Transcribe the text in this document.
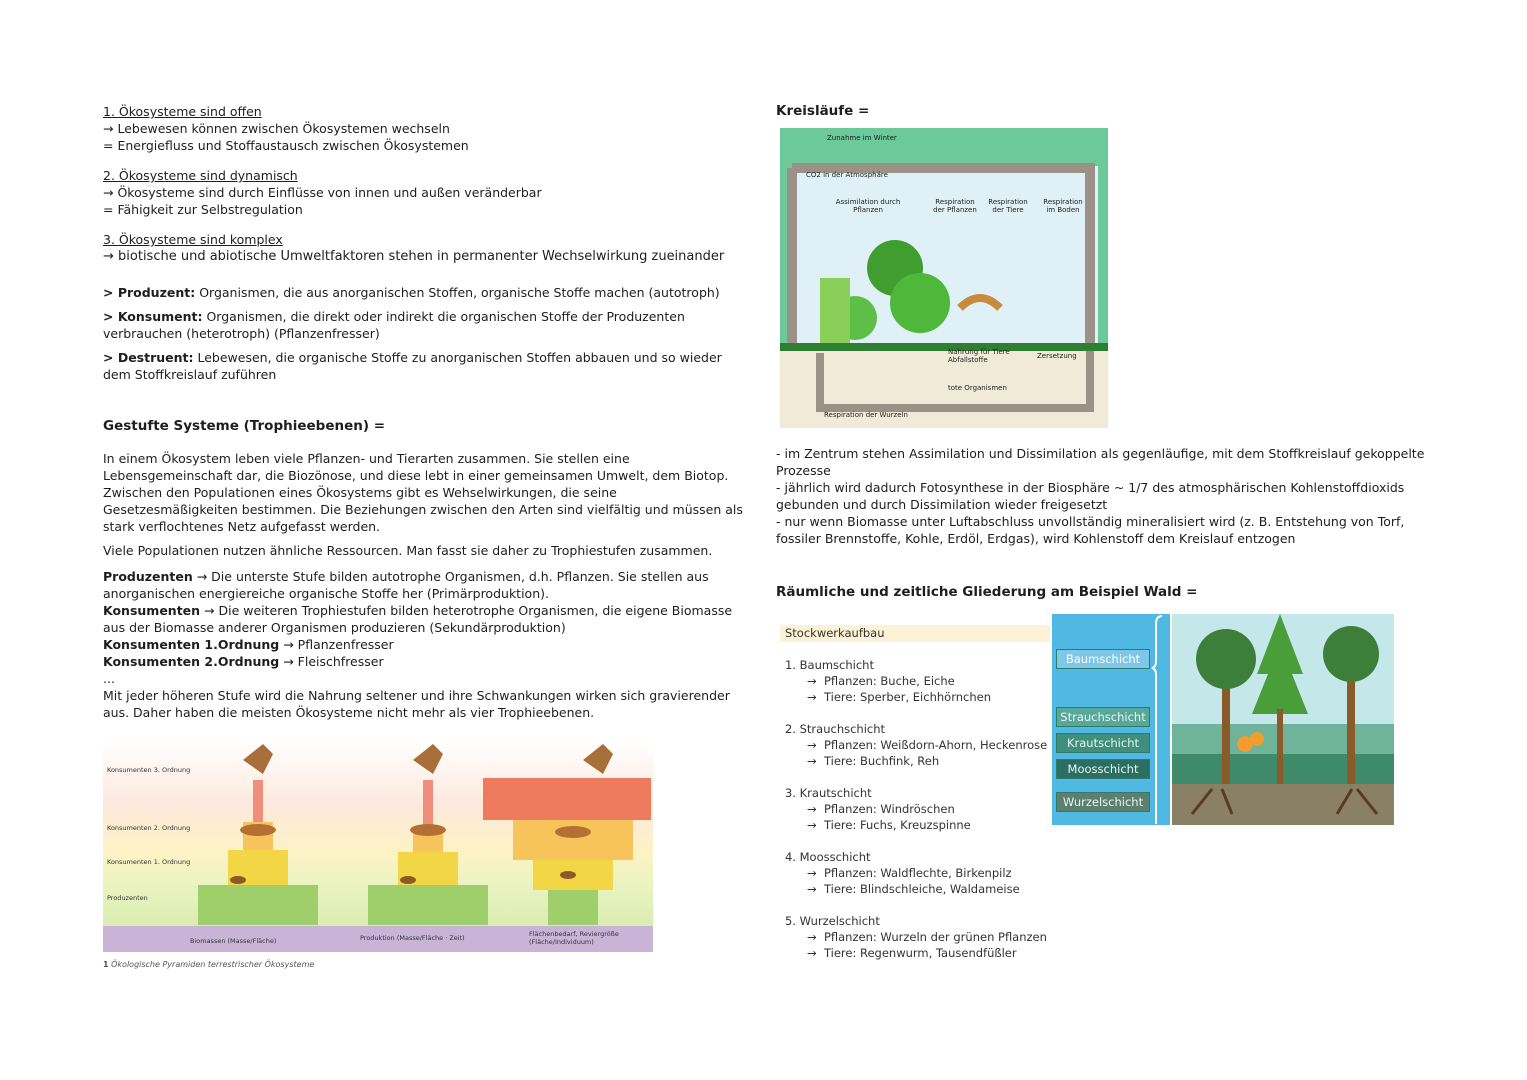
1. Ökosysteme sind offen

→ Lebewesen können zwischen Ökosystemen wechseln

= Energiefluss und Stoffaustausch zwischen Ökosystemen

2. Ökosysteme sind dynamisch

→ Ökosysteme sind durch Einflüsse von innen und außen veränderbar

= Fähigkeit zur Selbstregulation

3. Ökosysteme sind komplex

→ biotische und abiotische Umweltfaktoren stehen in permanenter Wechselwirkung zueinander

> Produzent: Organismen, die aus anorganischen Stoffen, organische Stoffe machen (autotroph)

> Konsument: Organismen, die direkt oder indirekt die organischen Stoffe der Produzenten verbrauchen (heterotroph) (Pflanzenfresser)

> Destruent: Lebewesen, die organische Stoffe zu anorganischen Stoffen abbauen und so wieder dem Stoffkreislauf zuführen

Gestufte Systeme (Trophieebenen) =

In einem Ökosystem leben viele Pflanzen- und Tierarten zusammen. Sie stellen eine Lebensgemeinschaft dar, die Biozönose, und diese lebt in einer gemeinsamen Umwelt, dem Biotop. Zwischen den Populationen eines Ökosystems gibt es Wehselwirkungen, die seine Gesetzesmäßigkeiten bestimmen. Die Beziehungen zwischen den Arten sind vielfältig und müssen als stark verflochtenes Netz aufgefasst werden.

Viele Populationen nutzen ähnliche Ressourcen. Man fasst sie daher zu Trophiestufen zusammen.

Produzenten → Die unterste Stufe bilden autotrophe Organismen, d.h. Pflanzen. Sie stellen aus anorganischen energiereiche organische Stoffe her (Primärproduktion).

Konsumenten → Die weiteren Trophiestufen bilden heterotrophe Organismen, die eigene Biomasse aus der Biomasse anderer Organismen produzieren (Sekundärproduktion)

Konsumenten 1.Ordnung → Pflanzenfresser

Konsumenten 2.Ordnung → Fleischfresser

...

Mit jeder höheren Stufe wird die Nahrung seltener und ihre Schwankungen wirken sich gravierender aus. Daher haben die meisten Ökosysteme nicht mehr als vier Trophieebenen.

Konsumenten 3. Ordnung
Konsumenten 2. Ordnung
Konsumenten 1. Ordnung
Produzenten
Biomassen (Masse/Fläche)	Produktion (Masse/Fläche · Zeit)	Flächenbedarf, Reviergröße (Fläche/Individuum)
1 Ökologische Pyramiden terrestrischer Ökosysteme

Kreisläufe =

Zunahme im Winter
CO2 in der Atmosphäre
Assimilation durch Pflanzen
Respiration der Pflanzen
Respiration der Tiere
Respiration im Boden
Nahrung für Tiere Abfallstoffe	Zersetzung
tote Organismen
Respiration der Wurzeln

- im Zentrum stehen Assimilation und Dissimilation als gegenläufige, mit dem Stoffkreislauf gekoppelte Prozesse

- jährlich wird dadurch Fotosynthese in der Biosphäre ~ 1/7 des atmosphärischen Kohlenstoffdioxids gebunden und durch Dissimilation wieder freigesetzt

- nur wenn Biomasse unter Luftabschluss unvollständig mineralisiert wird (z. B. Entstehung von Torf, fossiler Brennstoffe, Kohle, Erdöl, Erdgas), wird Kohlenstoff dem Kreislauf entzogen

Räumliche und zeitliche Gliederung am Beispiel Wald =

Stockwerkaufbau
1. Baumschicht
→ Pflanzen: Buche, Eiche
→ Tiere: Sperber, Eichhörnchen
2. Strauchschicht
→ Pflanzen: Weißdorn-Ahorn, Heckenrose
→ Tiere: Buchfink, Reh
3. Krautschicht
→ Pflanzen: Windröschen
→ Tiere: Fuchs, Kreuzspinne
4. Moosschicht
→ Pflanzen: Waldflechte, Birkenpilz
→ Tiere: Blindschleiche, Waldameise
5. Wurzelschicht
→ Pflanzen: Wurzeln der grünen Pflanzen
→ Tiere: Regenwurm, Tausendfüßler
Baumschicht
Strauchschicht
Krautschicht
Moosschicht
Wurzelschicht
